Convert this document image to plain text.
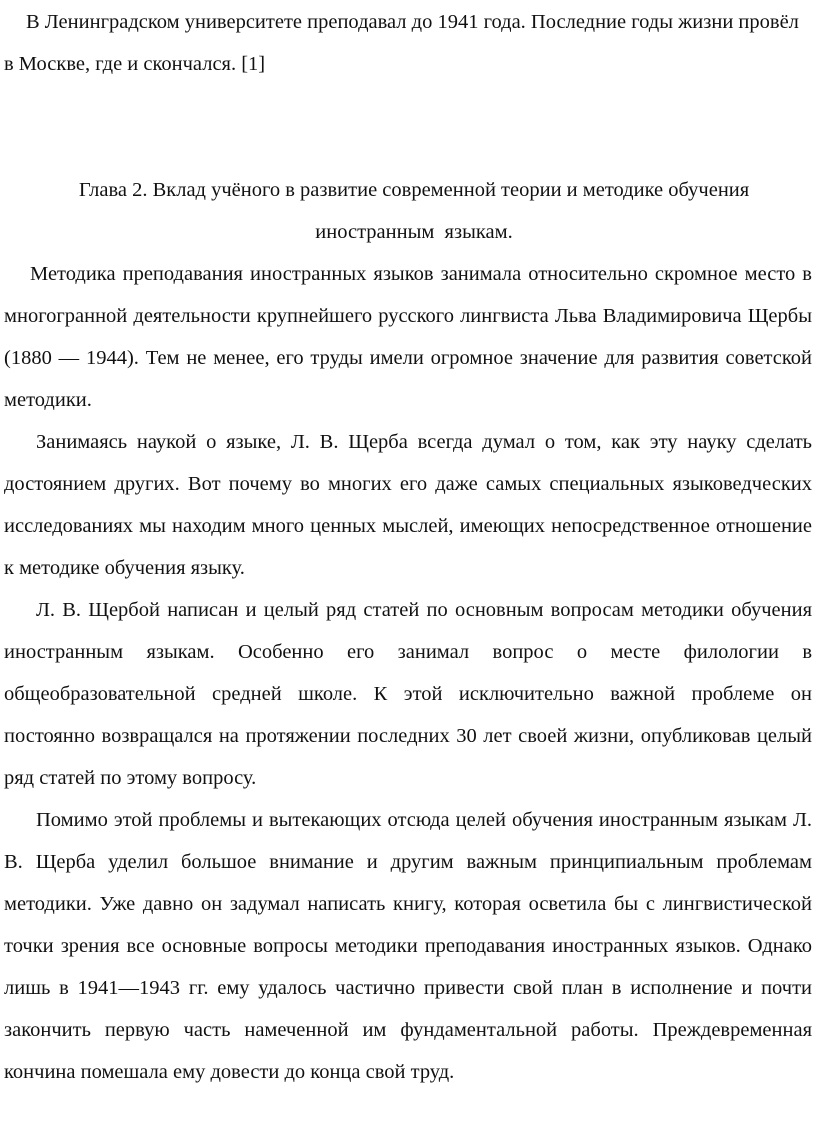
В Ленинградском университете преподавал до 1941 года. Последние годы жизни провёл в Москве, где и скончался. [1]

Глава 2. Вклад учёного в развитие современной теории и методике обучения
иностранным  языкам.

Методика преподавания иностранных языков занимала относительно скромное место в многогранной деятельности крупнейшего русского лингвиста Льва Владимировича Щербы (1880 — 1944). Тем не менее, его труды имели огромное значение для развития советской методики.

Занимаясь наукой о языке, Л. В. Щерба всегда думал о том, как эту науку сделать достоянием других. Вот почему во многих его даже самых специальных языковедческих исследованиях мы находим много ценных мыслей, имеющих непосредственное отношение к методике обучения языку.

Л. В. Щербой написан и целый ряд статей по основным вопросам методики обучения иностранным языкам. Особенно его занимал вопрос о месте филологии в общеобразовательной средней школе. К этой исключительно важной проблеме он постоянно возвращался на протяжении последних 30 лет своей жизни, опубликовав целый ряд статей по этому вопросу.

Помимо этой проблемы и вытекающих отсюда целей обучения иностранным языкам Л. В. Щерба уделил большое внимание и другим важным принципиальным проблемам методики. Уже давно он задумал написать книгу, которая осветила бы с лингвистической точки зрения все основные вопросы методики преподавания иностранных языков. Однако лишь в 1941—1943 гг. ему удалось частично привести свой план в исполнение и почти закончить первую часть намеченной им фундаментальной работы. Преждевременная кончина помешала ему довести до конца свой труд.
